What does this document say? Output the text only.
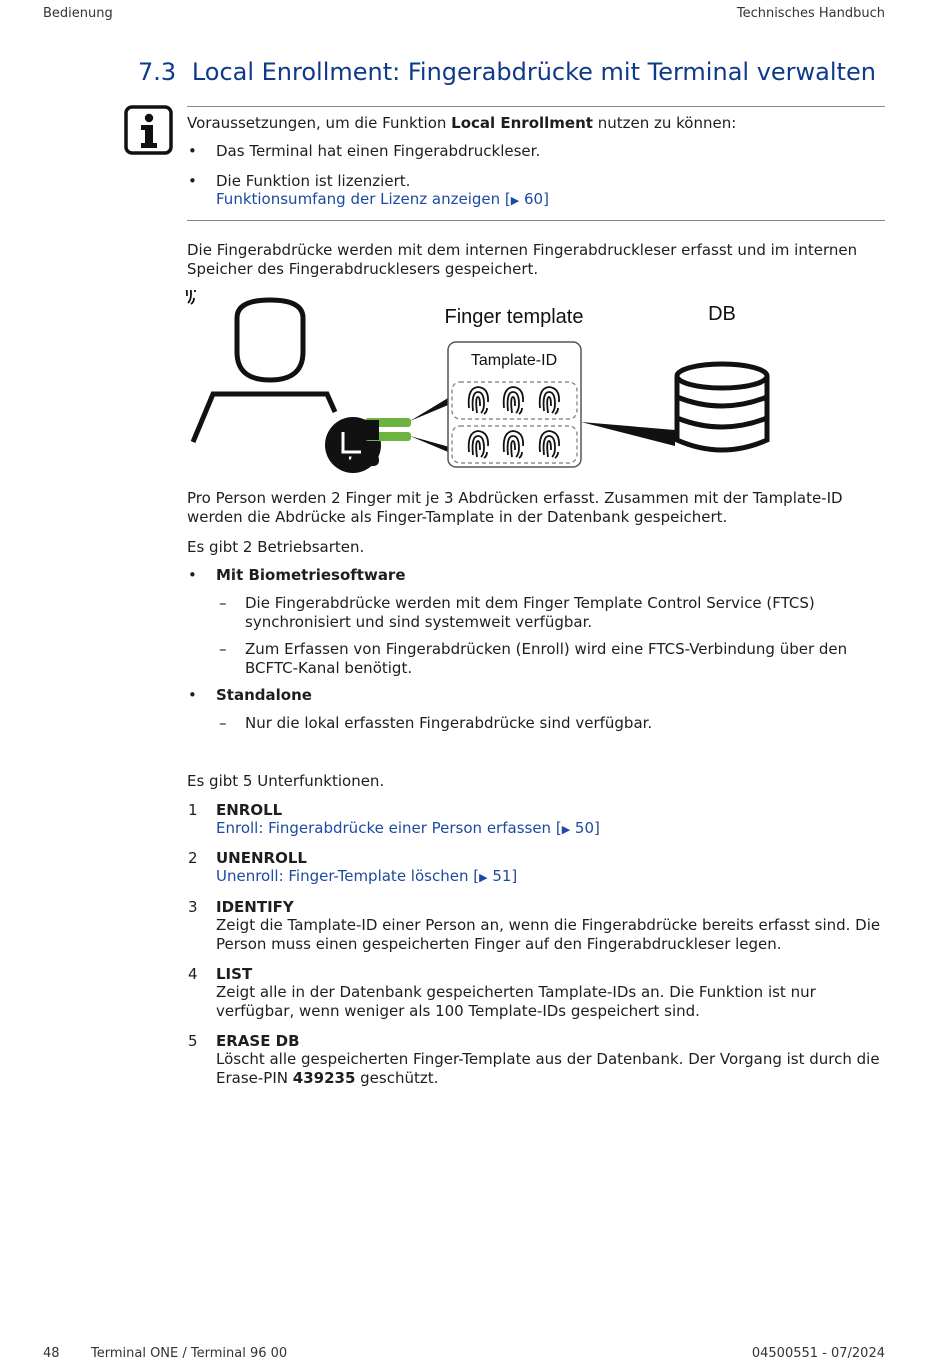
Bedienung	Technisches Handbuch
7.3 Local Enrollment: Fingerabdrücke mit Terminal verwalten
Voraussetzungen, um die Funktion Local Enrollment nutzen zu können:
• Das Terminal hat einen Fingerabdruckleser.
• Die Funktion ist lizenziert.
Funktionsumfang der Lizenz anzeigen [▶ 60]
Die Fingerabdrücke werden mit dem internen Fingerabdruckleser erfasst und im internen Speicher des Fingerabdrucklesers gespeichert.
Finger template
Tamplate-ID
DB
Pro Person werden 2 Finger mit je 3 Abdrücken erfasst. Zusammen mit der Tamplate-ID werden die Abdrücke als Finger-Tamplate in der Datenbank gespeichert.
Es gibt 2 Betriebsarten.
• Mit Biometriesoftware
– Die Fingerabdrücke werden mit dem Finger Template Control Service (FTCS) synchronisiert und sind systemweit verfügbar.
– Zum Erfassen von Fingerabdrücken (Enroll) wird eine FTCS-Verbindung über den BCFTC-Kanal benötigt.
• Standalone
– Nur die lokal erfassten Fingerabdrücke sind verfügbar.
Es gibt 5 Unterfunktionen.
1 ENROLL
Enroll: Fingerabdrücke einer Person erfassen [▶ 50]
2 UNENROLL
Unenroll: Finger-Template löschen [▶ 51]
3 IDENTIFY
Zeigt die Tamplate-ID einer Person an, wenn die Fingerabdrücke bereits erfasst sind. Die Person muss einen gespeicherten Finger auf den Fingerabdruckleser legen.
4 LIST
Zeigt alle in der Datenbank gespeicherten Tamplate-IDs an. Die Funktion ist nur verfügbar, wenn weniger als 100 Template-IDs gespeichert sind.
5 ERASE DB
Löscht alle gespeicherten Finger-Template aus der Datenbank. Der Vorgang ist durch die Erase-PIN 439235 geschützt.
48 Terminal ONE / Terminal 96 00	04500551 - 07/2024
